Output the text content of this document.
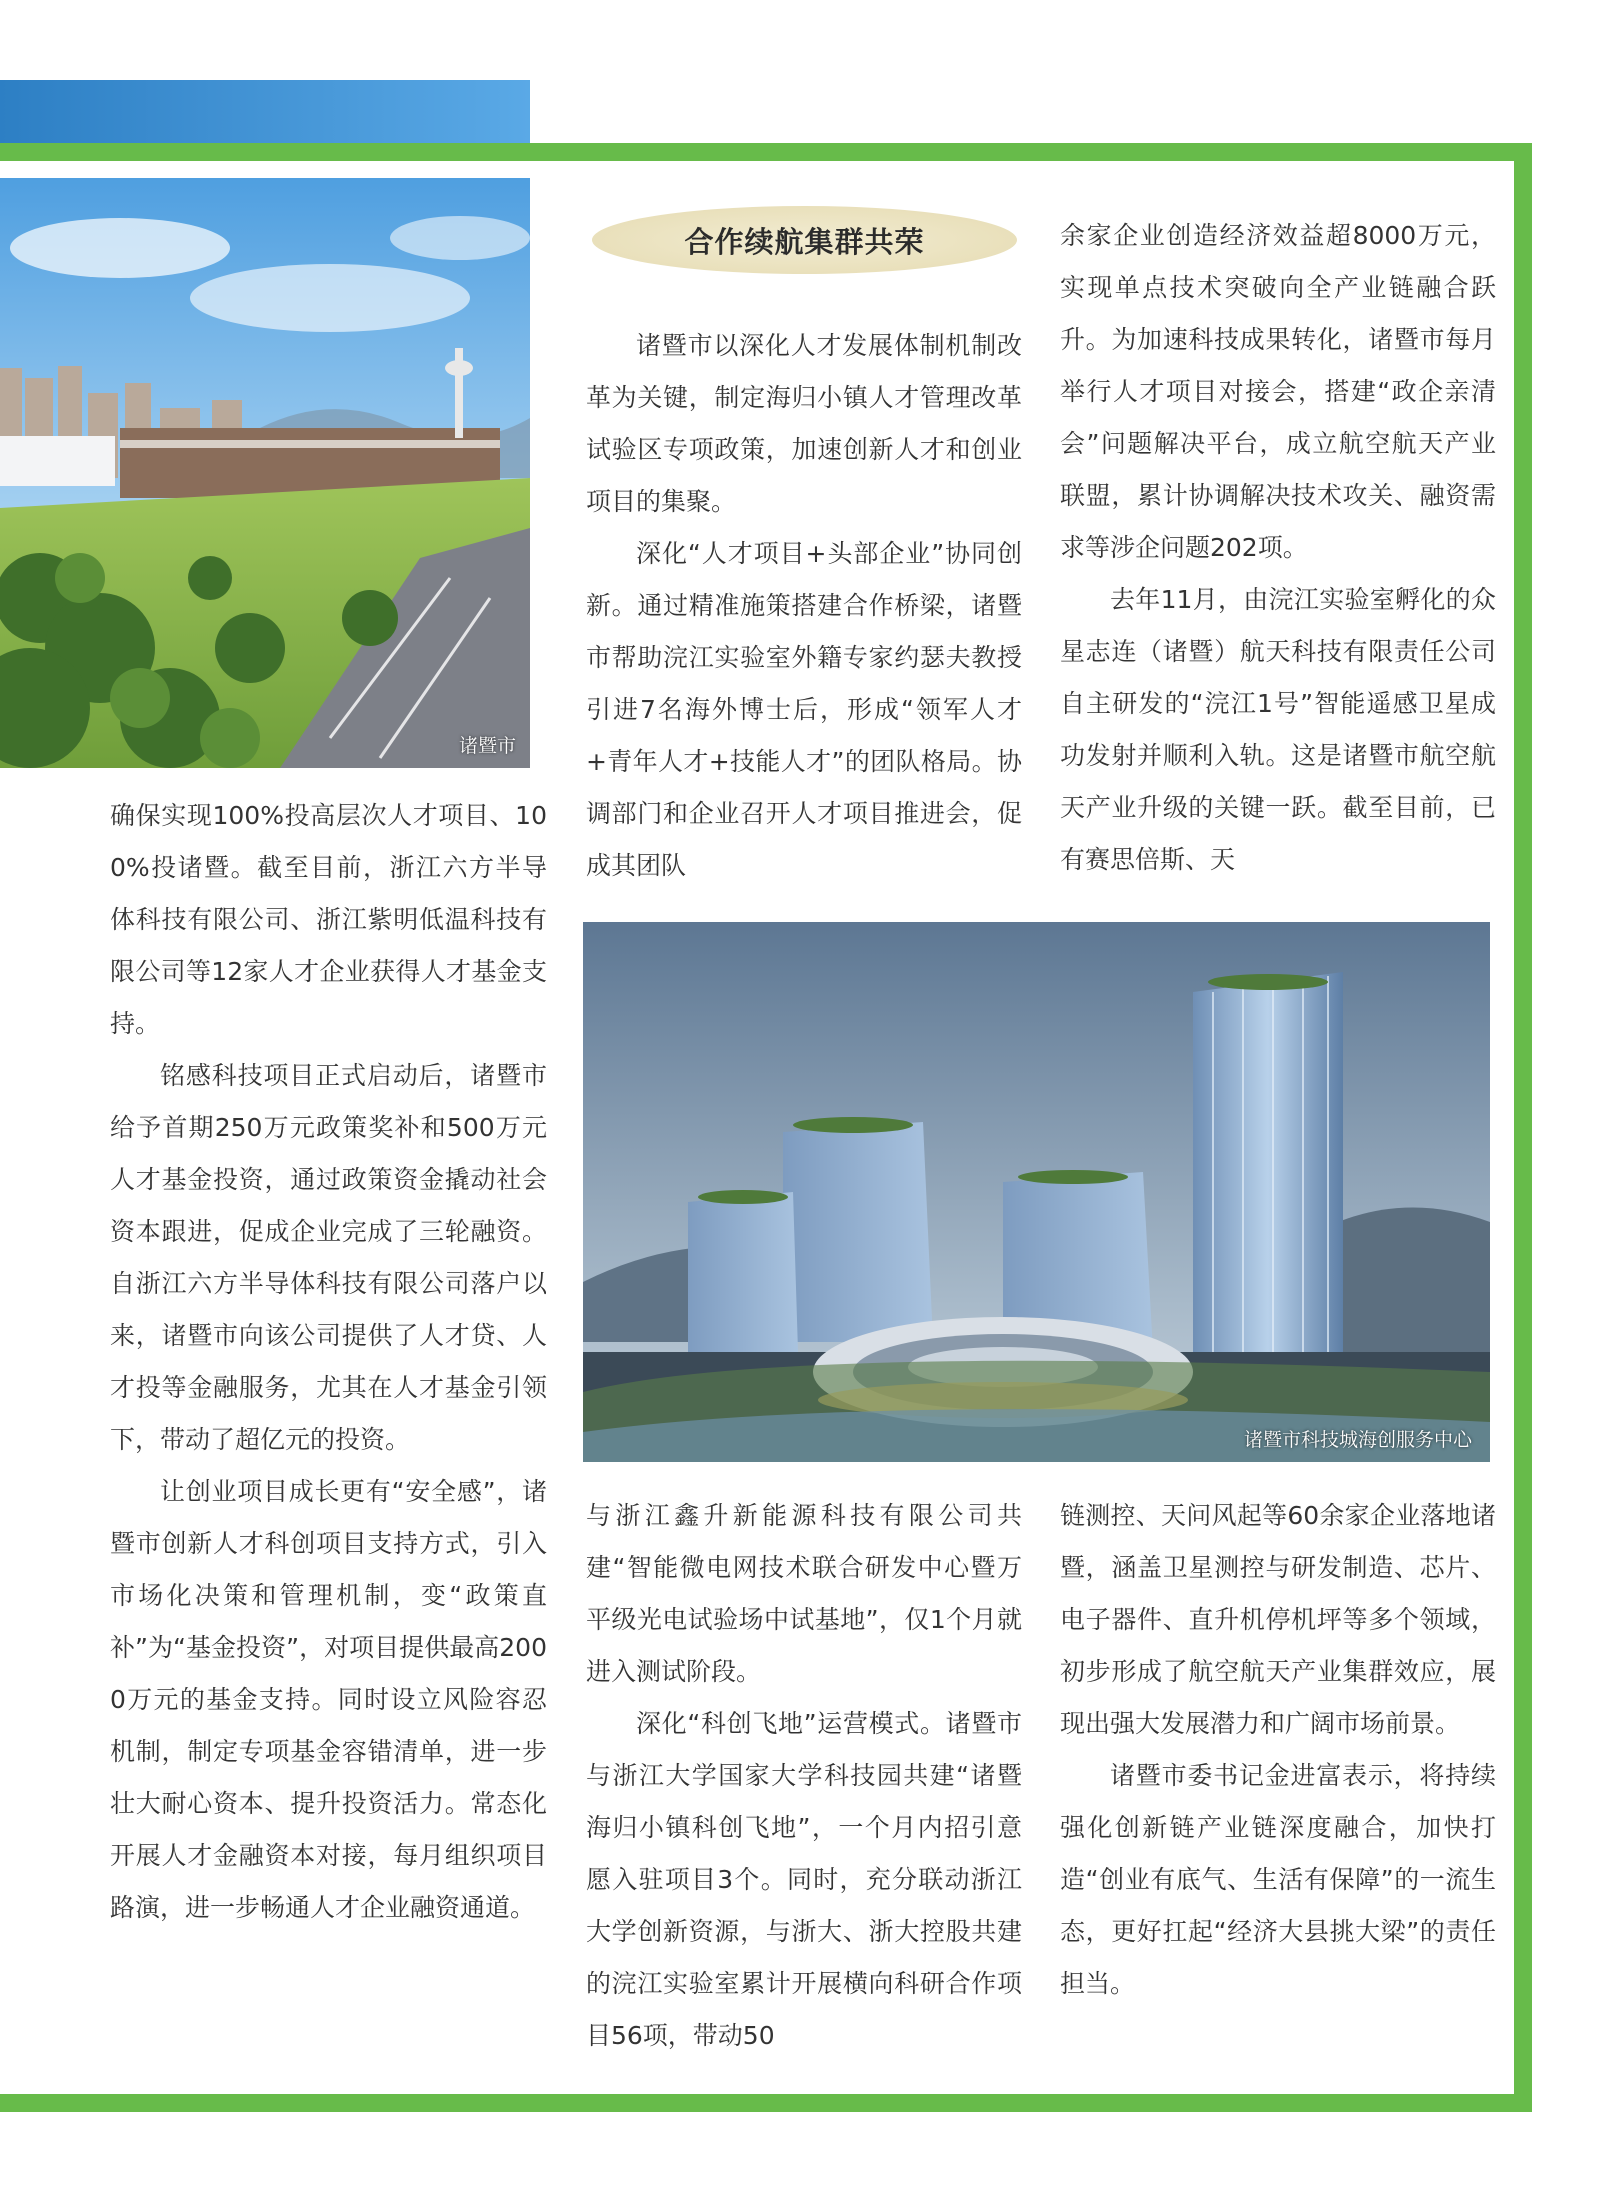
诸暨市
合作续航集群共荣

诸暨市以深化人才发展体制机制改革为关键，制定海归小镇人才管理改革试验区专项政策，加速创新人才和创业项目的集聚。

深化“人才项目+头部企业”协同创新。通过精准施策搭建合作桥梁，诸暨市帮助浣江实验室外籍专家约瑟夫教授引进7名海外博士后，形成“领军人才+青年人才+技能人才”的团队格局。协调部门和企业召开人才项目推进会，促成其团队

余家企业创造经济效益超8000万元，实现单点技术突破向全产业链融合跃升。为加速科技成果转化，诸暨市每月举行人才项目对接会，搭建“政企亲清会”问题解决平台，成立航空航天产业联盟，累计协调解决技术攻关、融资需求等涉企问题202项。

去年11月，由浣江实验室孵化的众星志连（诸暨）航天科技有限责任公司自主研发的“浣江1号”智能遥感卫星成功发射并顺利入轨。这是诸暨市航空航天产业升级的关键一跃。截至目前，已有赛思倍斯、天

确保实现100%投高层次人才项目、100%投诸暨。截至目前，浙江六方半导体科技有限公司、浙江紫明低温科技有限公司等12家人才企业获得人才基金支持。

铭感科技项目正式启动后，诸暨市给予首期250万元政策奖补和500万元人才基金投资，通过政策资金撬动社会资本跟进，促成企业完成了三轮融资。自浙江六方半导体科技有限公司落户以来，诸暨市向该公司提供了人才贷、人才投等金融服务，尤其在人才基金引领下，带动了超亿元的投资。

让创业项目成长更有“安全感”，诸暨市创新人才科创项目支持方式，引入市场化决策和管理机制，变“政策直补”为“基金投资”，对项目提供最高2000万元的基金支持。同时设立风险容忍机制，制定专项基金容错清单，进一步壮大耐心资本、提升投资活力。常态化开展人才金融资本对接，每月组织项目路演，进一步畅通人才企业融资通道。

诸暨市科技城海创服务中心

与浙江鑫升新能源科技有限公司共建“智能微电网技术联合研发中心暨万平级光电试验场中试基地”，仅1个月就进入测试阶段。

深化“科创飞地”运营模式。诸暨市与浙江大学国家大学科技园共建“诸暨海归小镇科创飞地”，一个月内招引意愿入驻项目3个。同时，充分联动浙江大学创新资源，与浙大、浙大控股共建的浣江实验室累计开展横向科研合作项目56项，带动50

链测控、天问风起等60余家企业落地诸暨，涵盖卫星测控与研发制造、芯片、电子器件、直升机停机坪等多个领域，初步形成了航空航天产业集群效应，展现出强大发展潜力和广阔市场前景。

诸暨市委书记金进富表示，将持续强化创新链产业链深度融合，加快打造“创业有底气、生活有保障”的一流生态，更好扛起“经济大县挑大梁”的责任担当。
